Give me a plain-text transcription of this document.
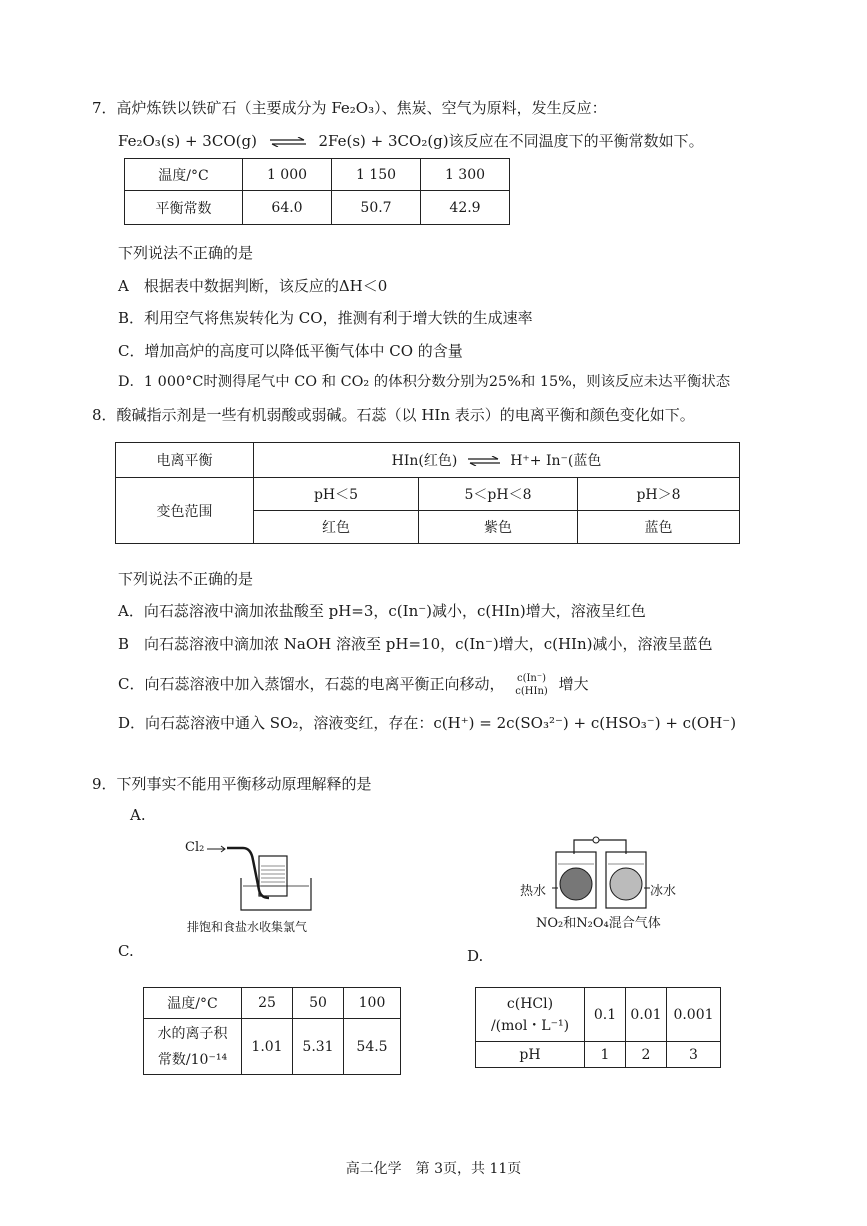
7．高炉炼铁以铁矿石（主要成分为 Fe₂O₃）、焦炭、空气为原料，发生反应：
Fe₂O₃(s) + 3CO(g) ⇌ 2Fe(s) + 3CO₂(g)该反应在不同温度下的平衡常数如下。
温度/°C	1 000	1 150	1 300
平衡常数	64.0	50.7	42.9
下列说法不正确的是
A　根据表中数据判断，该反应的ΔH＜0
B．利用空气将焦炭转化为 CO，推测有利于增大铁的生成速率
C．增加高炉的高度可以降低平衡气体中 CO 的含量
D．1 000°C时测得尾气中 CO 和 CO₂ 的体积分数分别为25%和 15%，则该反应未达平衡状态
8．酸碱指示剂是一些有机弱酸或弱碱。石蕊（以 HIn 表示）的电离平衡和颜色变化如下。
电离平衡	HIn(红色) ⇌ H⁺+ In⁻(蓝色		
变色范围	pH＜5	5＜pH＜8	pH＞8
	红色	紫色	蓝色
下列说法不正确的是
A．向石蕊溶液中滴加浓盐酸至 pH=3，c(In⁻)减小，c(HIn)增大，溶液呈红色
B　向石蕊溶液中滴加浓 NaOH 溶液至 pH=10，c(In⁻)增大，c(HIn)减小，溶液呈蓝色
C．向石蕊溶液中加入蒸馏水，石蕊的电离平衡正向移动， c(In⁻)
c(HIn) 增大
D．向石蕊溶液中通入 SO₂，溶液变红，存在：c(H⁺) = 2c(SO₃²⁻) + c(HSO₃⁻) + c(OH⁻)
9．下列事实不能用平衡移动原理解释的是
A.
Cl₂
排饱和食盐水收集氯气
热水	冰水
NO₂和N₂O₄混合气体
C.	D.
温度/°C	25	50	100
水的离子积常数/10⁻¹⁴	1.01	5.31	54.5
c(HCl)
/(mol・L⁻¹)	0.1	0.01	0.001
pH	1	2	3
高二化学　第 3页，共 11页
